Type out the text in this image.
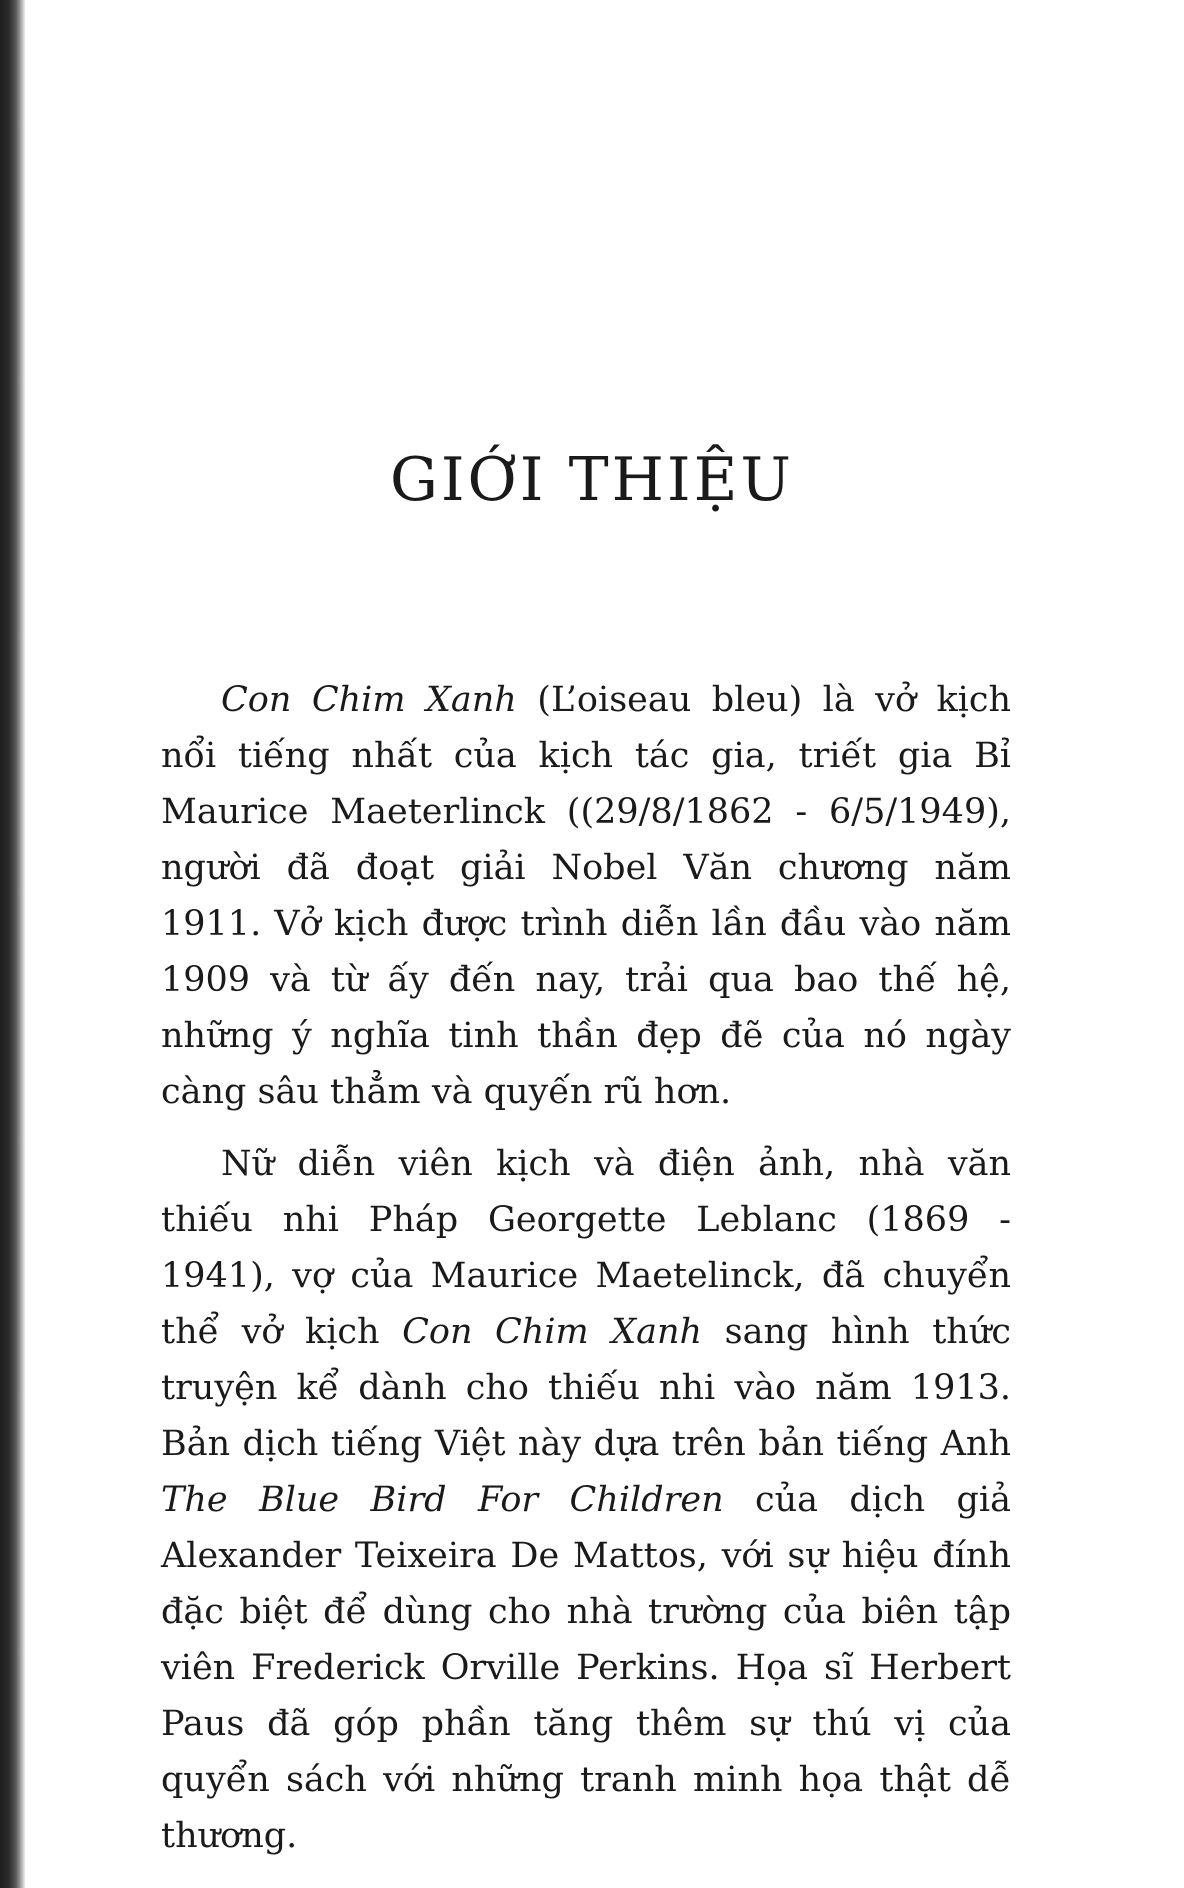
GIỚI THIỆU

Con Chim Xanh (L’oiseau bleu) là vở kịch nổi tiếng nhất của kịch tác gia, triết gia Bỉ Maurice Maeterlinck ((29/8/1862 - 6/5/1949), người đã đoạt giải Nobel Văn chương năm 1911. Vở kịch được trình diễn lần đầu vào năm 1909 và từ ấy đến nay, trải qua bao thế hệ, những ý nghĩa tinh thần đẹp đẽ của nó ngày càng sâu thẳm và quyến rũ hơn.

Nữ diễn viên kịch và điện ảnh, nhà văn thiếu nhi Pháp Georgette Leblanc (1869 - 1941), vợ của Maurice Maetelinck, đã chuyển thể vở kịch Con Chim Xanh sang hình thức truyện kể dành cho thiếu nhi vào năm 1913. Bản dịch tiếng Việt này dựa trên bản tiếng Anh The Blue Bird For Children của dịch giả Alexander Teixeira De Mattos, với sự hiệu đính đặc biệt để dùng cho nhà trường của biên tập viên Frederick Orville Perkins. Họa sĩ Herbert Paus đã góp phần tăng thêm sự thú vị của quyển sách với những tranh minh họa thật dễ thương.
